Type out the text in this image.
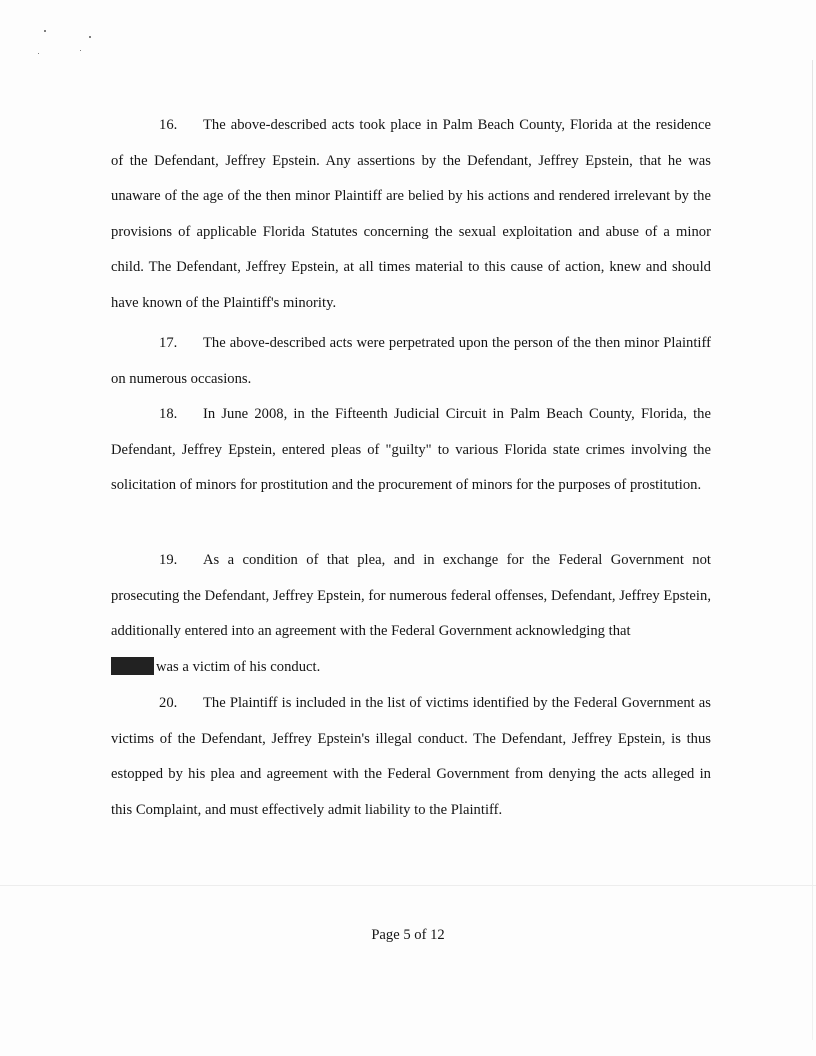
16. The above-described acts took place in Palm Beach County, Florida at the residence of the Defendant, Jeffrey Epstein. Any assertions by the Defendant, Jeffrey Epstein, that he was unaware of the age of the then minor Plaintiff are belied by his actions and rendered irrelevant by the provisions of applicable Florida Statutes concerning the sexual exploitation and abuse of a minor child. The Defendant, Jeffrey Epstein, at all times material to this cause of action, knew and should have known of the Plaintiff's minority.

17. The above-described acts were perpetrated upon the person of the then minor Plaintiff on numerous occasions.

18. In June 2008, in the Fifteenth Judicial Circuit in Palm Beach County, Florida, the Defendant, Jeffrey Epstein, entered pleas of "guilty" to various Florida state crimes involving the solicitation of minors for prostitution and the procurement of minors for the purposes of prostitution.

19. As a condition of that plea, and in exchange for the Federal Government not prosecuting the Defendant, Jeffrey Epstein, for numerous federal offenses, Defendant, Jeffrey Epstein, additionally entered into an agreement with the Federal Government acknowledging that
was a victim of his conduct.

20. The Plaintiff is included in the list of victims identified by the Federal Government as victims of the Defendant, Jeffrey Epstein's illegal conduct. The Defendant, Jeffrey Epstein, is thus estopped by his plea and agreement with the Federal Government from denying the acts alleged in this Complaint, and must effectively admit liability to the Plaintiff.

Page 5 of 12
